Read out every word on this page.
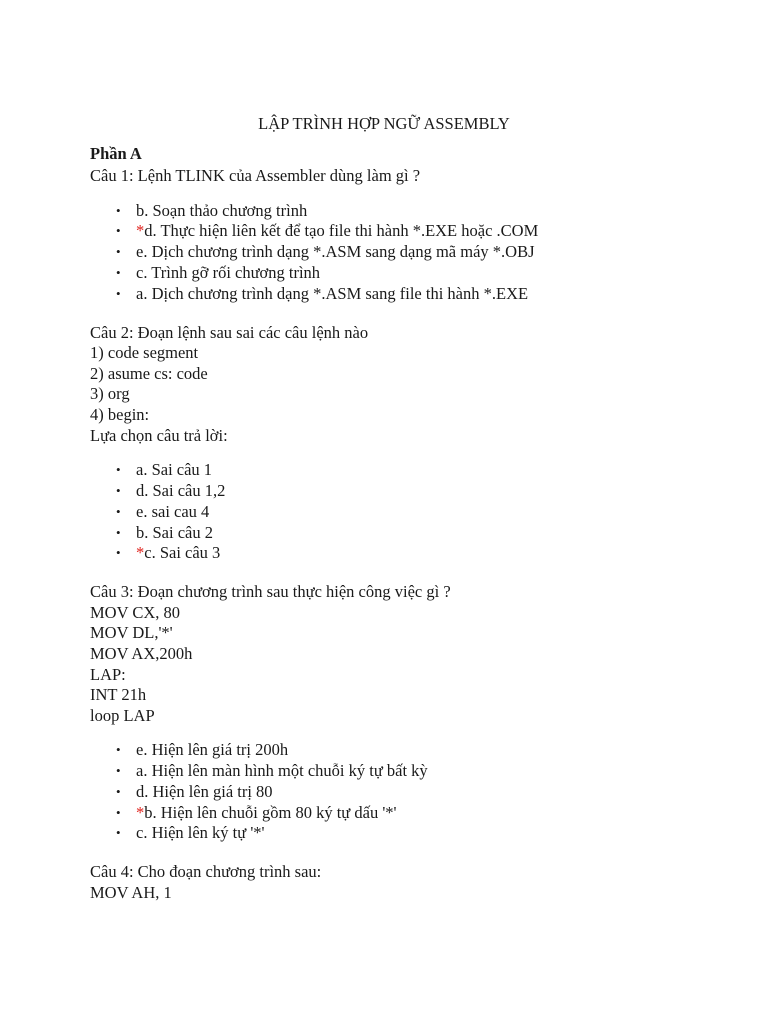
LẬP TRÌNH HỢP NGỮ ASSEMBLY

Phần A

Câu 1: Lệnh TLINK của Assembler dùng làm gì ?

• b. Soạn thảo chương trình
• *d. Thực hiện liên kết để tạo file thi hành *.EXE hoặc .COM
• e. Dịch chương trình dạng *.ASM sang dạng mã máy *.OBJ
• c. Trình gỡ rối chương trình
• a. Dịch chương trình dạng *.ASM sang file thi hành *.EXE

Câu 2: Đoạn lệnh sau sai các câu lệnh nào

1) code segment

2) asume cs: code

3) org

4) begin:

Lựa chọn câu trả lời:

• a. Sai câu 1
• d. Sai câu 1,2
• e. sai cau 4
• b. Sai câu 2
• *c. Sai câu 3

Câu 3: Đoạn chương trình sau thực hiện công việc gì ?

MOV CX, 80

MOV DL,'*'

MOV AX,200h

LAP:

INT 21h

loop LAP

• e. Hiện lên giá trị 200h
• a. Hiện lên màn hình một chuỗi ký tự bất kỳ
• d. Hiện lên giá trị 80
• *b. Hiện lên chuỗi gồm 80 ký tự dấu '*'
• c. Hiện lên ký tự '*'

Câu 4: Cho đoạn chương trình sau:

MOV AH, 1
